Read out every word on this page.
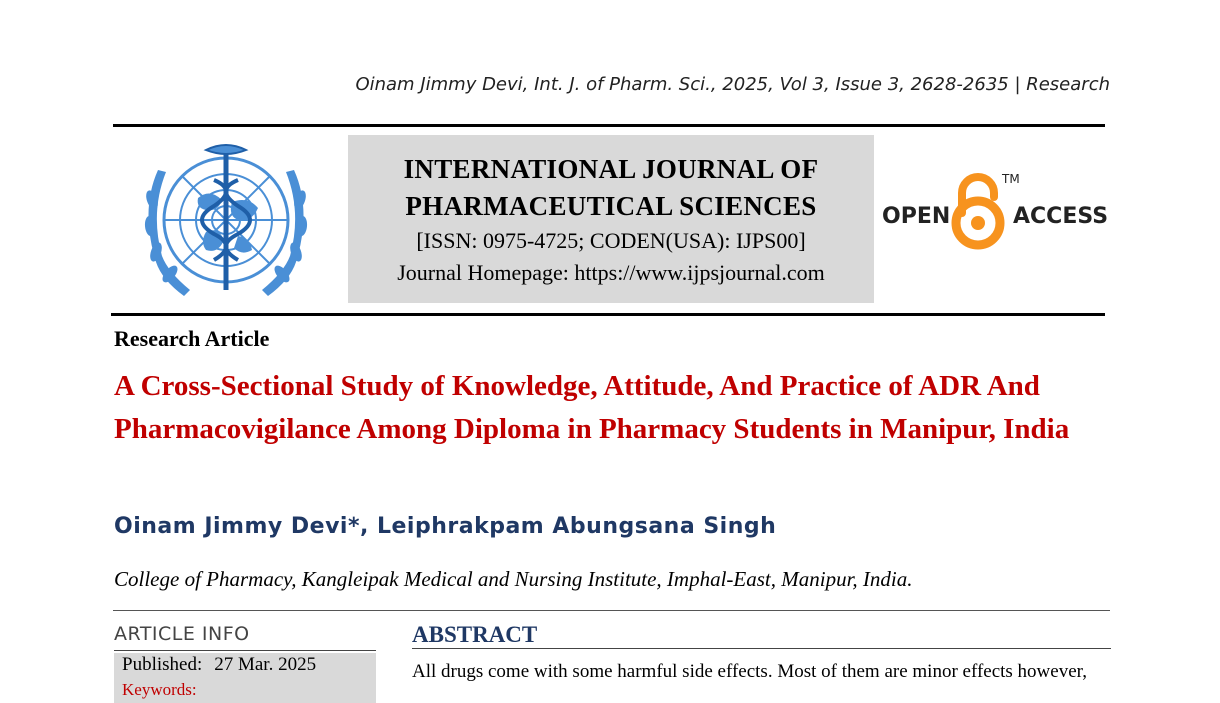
Oinam Jimmy Devi, Int. J. of Pharm. Sci., 2025, Vol 3, Issue 3, 2628-2635 | Research
INTERNATIONAL JOURNAL OF
PHARMACEUTICAL SCIENCES
[ISSN: 0975-4725; CODEN(USA): IJPS00]
Journal Homepage: https://www.ijpsjournal.com
OPEN	ACCESS
TM
Research Article
A Cross-Sectional Study of Knowledge, Attitude, And Practice of ADR And Pharmacovigilance Among Diploma in Pharmacy Students in Manipur, India
Oinam Jimmy Devi*, Leiphrakpam Abungsana Singh
College of Pharmacy, Kangleipak Medical and Nursing Institute, Imphal-East, Manipur, India.
ARTICLE INFO
Published: 27 Mar. 2025
Keywords:
ABSTRACT
All drugs come with some harmful side effects. Most of them are minor effects however,
